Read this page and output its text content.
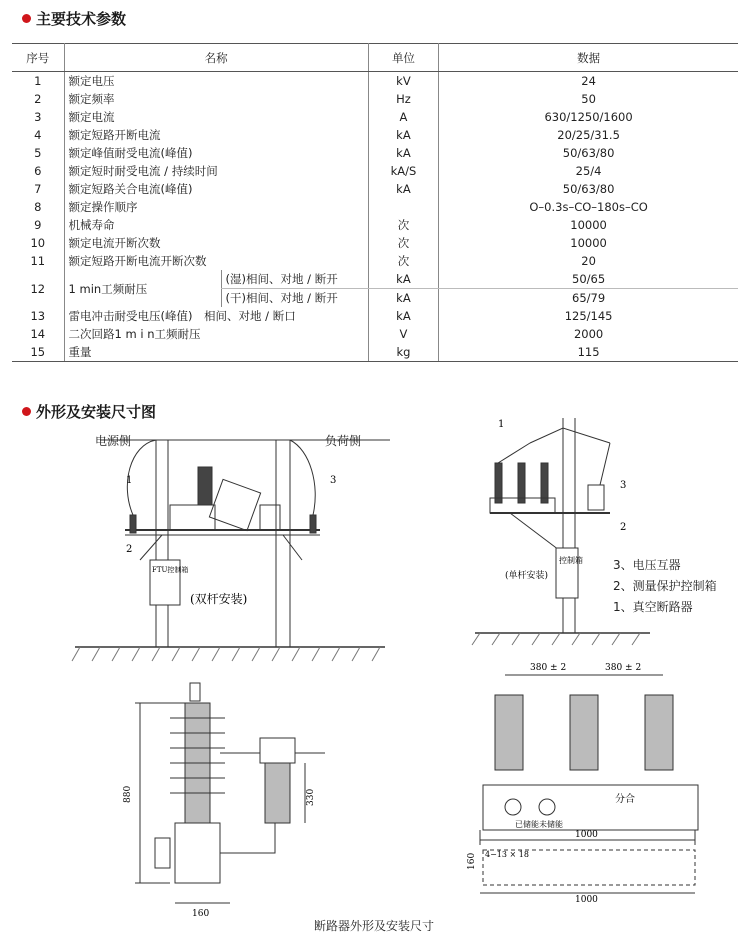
主要技术参数
序号	名称		单位	数据
1	额定电压		kV	24
2	额定频率		Hz	50
3	额定电流		A	630/1250/1600
4	额定短路开断电流		kA	20/25/31.5
5	额定峰值耐受电流(峰值)		kA	50/63/80
6	额定短时耐受电流 / 持续时间		kA/S	25/4
7	额定短路关合电流(峰值)		kA	50/63/80
8	额定操作顺序			O–0.3s–CO–180s–CO
9	机械寿命		次	10000
10	额定电流开断次数		次	10000
11	额定短路开断电流开断次数		次	20
12	1 min工频耐压	(湿)相间、对地 / 断开	kA	50/65
		(干)相间、对地 / 断开	kA	65/79
13	雷电冲击耐受电压(峰值)　相间、对地 / 断口		kA	125/145
14	二次回路1 m i n工频耐压		V	2000
15	重量		kg	115
外形及安装尺寸图
电源侧	负荷侧
1
2
3
FTU控制箱
(双杆安装)
1
2
3
(单杆安装)
控制箱	3、电压互器
2、测量保护控制箱
1、真空断路器
880	330
160
380 ± 2	380 ± 2
1000
1000
160 4−13 × 18
已储能未储能
分合
断路器外形及安装尺寸
